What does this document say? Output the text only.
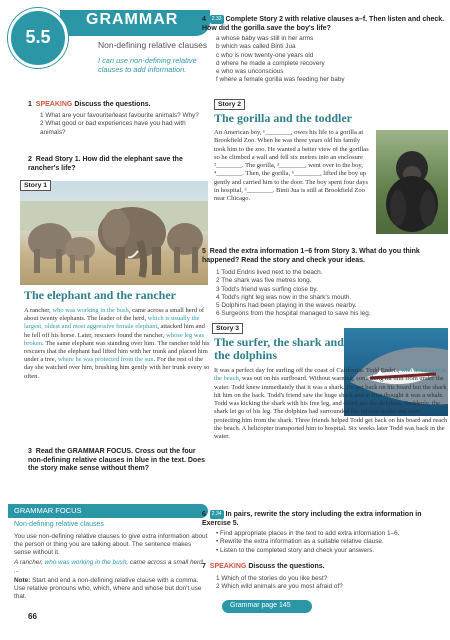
GRAMMAR
5.5	Non-defining relative clauses
I can use non-defining relative clauses to add information.
1 SPEAKING Discuss the questions.
1 What are your favourite/least favourite animals? Why?
2 What good or bad experiences have you had with animals?
2 Read Story 1. How did the elephant save the rancher's life?
Story 1
The elephant and the rancher
A rancher, who was working in the bush, came across a small herd of about twenty elephants. The leader of the herd, which is usually the largest, oldest and most aggressive female elephant, attacked him and he fell off his horse. Later, rescuers found the rancher, whose leg was broken. The same elephant was standing over him. The rancher told his rescuers that the elephant had lifted him with her trunk and placed him under a tree, where he was protected from the sun. For the rest of the day she watched over him, brushing him gently with her trunk every so often.
3 Read the GRAMMAR FOCUS. Cross out the four non-defining relative clauses in blue in the text. Does the story make sense without them?
GRAMMAR FOCUS
Non-defining relative clauses
You use non-defining relative clauses to give extra information about the person or thing you are talking about. The sentence makes sense without it.
A rancher, who was working in the bush, came across a small herd ...
Note: Start and end a non-defining relative clause with a comma. Use relative pronouns who, which, where and whose but don't use that.
66
4 2.33 Complete Story 2 with relative clauses a–f. Then listen and check. How did the gorilla save the boy's life?
a whose baby was still in her arms
b which was called Binti Jua
c who is now twenty-one years old
d where he made a complete recovery
e who was unconscious
f where a female gorilla was feeding her baby
Story 2
The gorilla and the toddler
An American boy, ¹________, owes his life to a gorilla at Brookfield Zoo. When he was three years old his family took him to the zoo. He wanted a better view of the gorillas so he climbed a wall and fell six metres into an enclosure ²________. The gorilla, ³________, went over to the boy, ⁴________. Then, the gorilla, ⁵________, lifted the boy up gently and carried him to the door. The boy spent four days in hospital, ⁶________. Binti Jua is still at Brookfield Zoo near Chicago.
5 Read the extra information 1–6 from Story 3. What do you think happened? Read the story and check your ideas.
1 Todd Endris lived next to the beach.
2 The shark was five metres long.
3 Todd's friend was surfing close by.
4 Todd's right leg was now in the shark's mouth.
5 Dolphins had been playing in the waves nearby.
6 Surgeons from the hospital managed to save his leg.
Story 3
The surfer, the shark and the dolphins
It was a perfect day for surfing off the coast of California. Todd Endris, who lived next to the beach, was out on his surfboard. Without warning, something hit him from under the water. Todd knew immediately that it was a shark. He got back on his board but the shark hit him on the back. Todd's friend saw the huge shark and at first thought it was a whale. Todd was kicking the shark with his free leg, and didn't see the dolphins. Suddenly, the shark let go of his leg. The dolphins had surrounded the injured surfer and were protecting him from the shark. Three friends helped Todd get back on his board and reach the beach. A helicopter transported him to hospital. Six weeks later Todd was back in the water.
6 2.34 In pairs, rewrite the story including the extra information in Exercise 5.
• Find appropriate places in the text to add extra information 1–6.
• Rewrite the extra information as a suitable relative clause.
• Listen to the completed story and check your answers.
7 SPEAKING Discuss the questions.
1 Which of the stories do you like best?
2 Which wild animals are you most afraid of?
Grammar page 145
